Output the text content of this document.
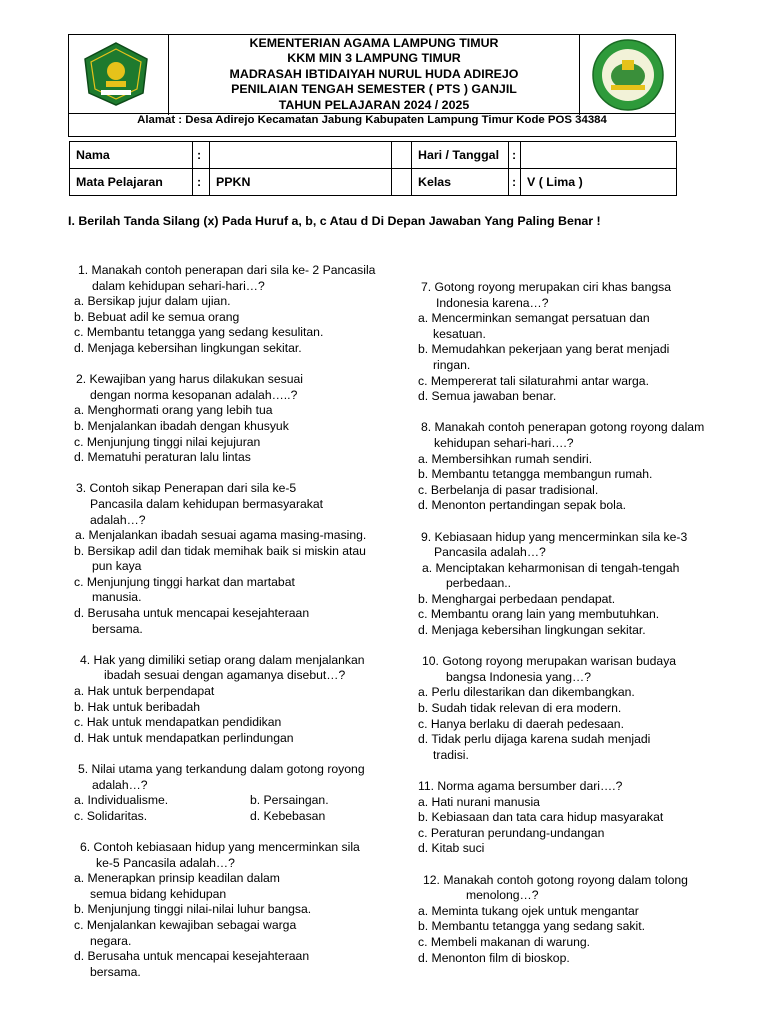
KEMENTERIAN AGAMA LAMPUNG TIMUR
KKM MIN 3 LAMPUNG TIMUR
MADRASAH IBTIDAIYAH NURUL HUDA ADIREJO
PENILAIAN TENGAH SEMESTER ( PTS ) GANJIL
TAHUN PELAJARAN 2024 / 2025
Alamat : Desa Adirejo Kecamatan Jabung Kabupaten Lampung Timur Kode POS 34384
Nama	:			Hari / Tanggal	:	
Mata Pelajaran	:	PPKN		Kelas	:	V ( Lima )
I. Berilah Tanda Silang (x) Pada Huruf a, b, c Atau d Di Depan Jawaban Yang Paling Benar !
1. Manakah contoh penerapan dari sila ke- 2 Pancasila
dalam kehidupan sehari-hari…?
a. Bersikap jujur dalam ujian.
b. Bebuat adil ke semua orang
c. Membantu tetangga yang sedang kesulitan.
d. Menjaga kebersihan lingkungan sekitar.
2. Kewajiban yang harus dilakukan sesuai
dengan norma kesopanan adalah…..?
a. Menghormati orang yang lebih tua
b. Menjalankan ibadah dengan khusyuk
c. Menjunjung tinggi nilai kejujuran
d. Mematuhi peraturan lalu lintas
3. Contoh sikap Penerapan dari sila ke-5
Pancasila dalam kehidupan bermasyarakat
adalah…?
a. Menjalankan ibadah sesuai agama masing-masing.
b. Bersikap adil dan tidak memihak baik si miskin atau
pun kaya
c. Menjunjung tinggi harkat dan martabat
manusia.
d. Berusaha untuk mencapai kesejahteraan
bersama.
4. Hak yang dimiliki setiap orang dalam menjalankan
ibadah sesuai dengan agamanya disebut…?
a. Hak untuk berpendapat
b. Hak untuk beribadah
c. Hak untuk mendapatkan pendidikan
d. Hak untuk mendapatkan perlindungan
5. Nilai utama yang terkandung dalam gotong royong
adalah…?
a. Individualisme.	b. Persaingan.
c. Solidaritas.	d. Kebebasan
6. Contoh kebiasaan hidup yang mencerminkan sila
ke-5 Pancasila adalah…?
a. Menerapkan prinsip keadilan dalam
semua bidang kehidupan
b. Menjunjung tinggi nilai-nilai luhur bangsa.
c. Menjalankan kewajiban sebagai warga
negara.
d. Berusaha untuk mencapai kesejahteraan
bersama.
7. Gotong royong merupakan ciri khas bangsa
Indonesia karena…?
a. Mencerminkan semangat persatuan dan
kesatuan.
b. Memudahkan pekerjaan yang berat menjadi
ringan.
c. Mempererat tali silaturahmi antar warga.
d. Semua jawaban benar.
8. Manakah contoh penerapan gotong royong dalam
kehidupan sehari-hari….?
a. Membersihkan rumah sendiri.
b. Membantu tetangga membangun rumah.
c. Berbelanja di pasar tradisional.
d. Menonton pertandingan sepak bola.
9. Kebiasaan hidup yang mencerminkan sila ke-3
Pancasila adalah…?
a. Menciptakan keharmonisan di tengah-tengah
perbedaan..
b. Menghargai perbedaan pendapat.
c. Membantu orang lain yang membutuhkan.
d. Menjaga kebersihan lingkungan sekitar.
10. Gotong royong merupakan warisan budaya
bangsa Indonesia yang…?
a. Perlu dilestarikan dan dikembangkan.
b. Sudah tidak relevan di era modern.
c. Hanya berlaku di daerah pedesaan.
d. Tidak perlu dijaga karena sudah menjadi
tradisi.
11. Norma agama bersumber dari….?
a. Hati nurani manusia
b. Kebiasaan dan tata cara hidup masyarakat
c. Peraturan perundang-undangan
d. Kitab suci
12. Manakah contoh gotong royong dalam tolong
menolong…?
a. Meminta tukang ojek untuk mengantar
b. Membantu tetangga yang sedang sakit.
c. Membeli makanan di warung.
d. Menonton film di bioskop.
